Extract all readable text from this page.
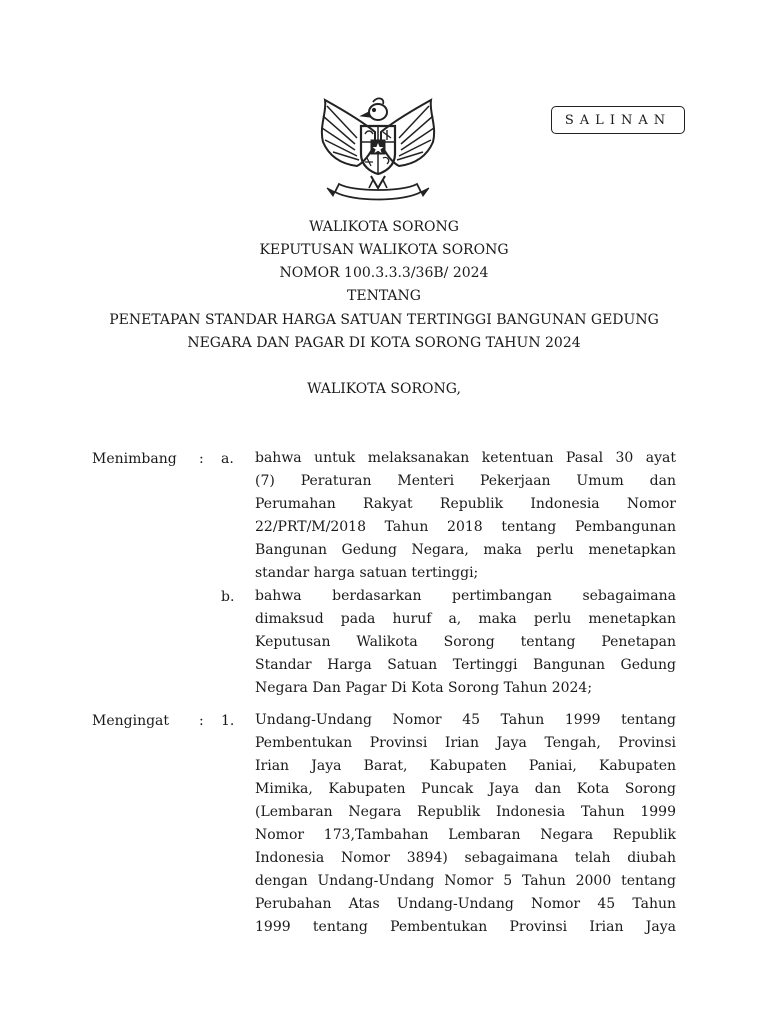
SALINAN
WALIKOTA SORONG
KEPUTUSAN WALIKOTA SORONG
NOMOR 100.3.3.3/36B/ 2024
TENTANG
PENETAPAN STANDAR HARGA SATUAN TERTINGGI BANGUNAN GEDUNG
NEGARA DAN PAGAR DI KOTA SORONG TAHUN 2024
WALIKOTA SORONG,
Menimbang : a. bahwa untuk melaksanakan ketentuan Pasal 30 ayat
(7) Peraturan Menteri Pekerjaan Umum dan
Perumahan Rakyat Republik Indonesia Nomor
22/PRT/M/2018 Tahun 2018 tentang Pembangunan
Bangunan Gedung Negara, maka perlu menetapkan
standar harga satuan tertinggi;
b. bahwa berdasarkan pertimbangan sebagaimana
dimaksud pada huruf a, maka perlu menetapkan
Keputusan Walikota Sorong tentang Penetapan
Standar Harga Satuan Tertinggi Bangunan Gedung
Negara Dan Pagar Di Kota Sorong Tahun 2024;
Mengingat : 1. Undang-Undang Nomor 45 Tahun 1999 tentang
Pembentukan Provinsi Irian Jaya Tengah, Provinsi
Irian Jaya Barat, Kabupaten Paniai, Kabupaten
Mimika, Kabupaten Puncak Jaya dan Kota Sorong
(Lembaran Negara Republik Indonesia Tahun 1999
Nomor 173,Tambahan Lembaran Negara Republik
Indonesia Nomor 3894) sebagaimana telah diubah
dengan Undang-Undang Nomor 5 Tahun 2000 tentang
Perubahan Atas Undang-Undang Nomor 45 Tahun
1999 tentang Pembentukan Provinsi Irian Jaya
